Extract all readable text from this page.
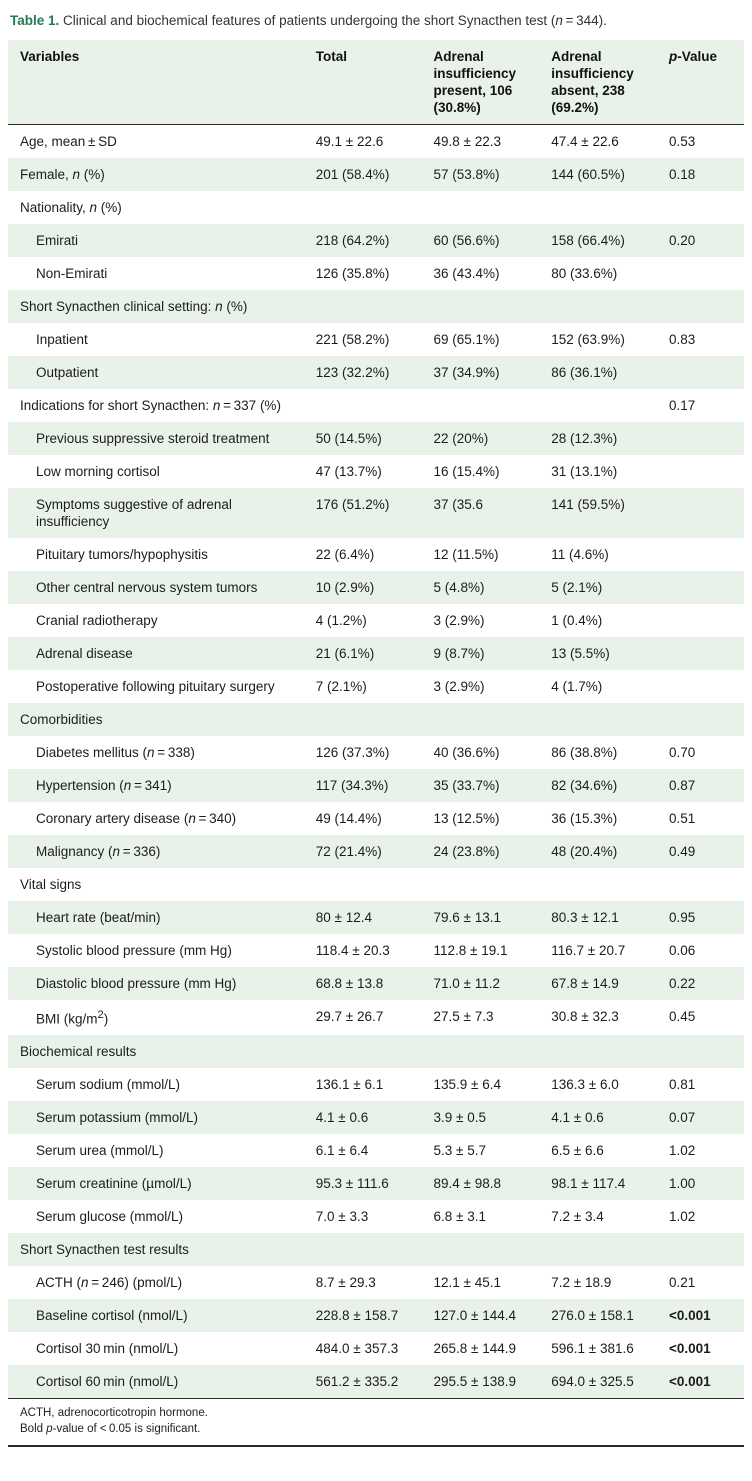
Table 1. Clinical and biochemical features of patients undergoing the short Synacthen test (n = 344).

Variables	Total	Adrenal insufficiency present, 106 (30.8%)	Adrenal insufficiency absent, 238 (69.2%)	p-Value
Age, mean ± SD	49.1 ± 22.6	49.8 ± 22.3	47.4 ± 22.6	0.53
Female, n (%)	201 (58.4%)	57 (53.8%)	144 (60.5%)	0.18
Nationality, n (%)				
Emirati	218 (64.2%)	60 (56.6%)	158 (66.4%)	0.20
Non-Emirati	126 (35.8%)	36 (43.4%)	80 (33.6%)	
Short Synacthen clinical setting: n (%)				
Inpatient	221 (58.2%)	69 (65.1%)	152 (63.9%)	0.83
Outpatient	123 (32.2%)	37 (34.9%)	86 (36.1%)	
Indications for short Synacthen: n = 337 (%)				0.17
Previous suppressive steroid treatment	50 (14.5%)	22 (20%)	28 (12.3%)	
Low morning cortisol	47 (13.7%)	16 (15.4%)	31 (13.1%)	
Symptoms suggestive of adrenal insufficiency	176 (51.2%)	37 (35.6	141 (59.5%)	
Pituitary tumors/hypophysitis	22 (6.4%)	12 (11.5%)	11 (4.6%)	
Other central nervous system tumors	10 (2.9%)	5 (4.8%)	5 (2.1%)	
Cranial radiotherapy	4 (1.2%)	3 (2.9%)	1 (0.4%)	
Adrenal disease	21 (6.1%)	9 (8.7%)	13 (5.5%)	
Postoperative following pituitary surgery	7 (2.1%)	3 (2.9%)	4 (1.7%)	
Comorbidities				
Diabetes mellitus (n = 338)	126 (37.3%)	40 (36.6%)	86 (38.8%)	0.70
Hypertension (n = 341)	117 (34.3%)	35 (33.7%)	82 (34.6%)	0.87
Coronary artery disease (n = 340)	49 (14.4%)	13 (12.5%)	36 (15.3%)	0.51
Malignancy (n = 336)	72 (21.4%)	24 (23.8%)	48 (20.4%)	0.49
Vital signs				
Heart rate (beat/min)	80 ± 12.4	79.6 ± 13.1	80.3 ± 12.1	0.95
Systolic blood pressure (mm Hg)	118.4 ± 20.3	112.8 ± 19.1	116.7 ± 20.7	0.06
Diastolic blood pressure (mm Hg)	68.8 ± 13.8	71.0 ± 11.2	67.8 ± 14.9	0.22
BMI $(kg/m^2)$	29.7 ± 26.7	27.5 ± 7.3	30.8 ± 32.3	0.45
Biochemical results				
Serum sodium (mmol/L)	136.1 ± 6.1	135.9 ± 6.4	136.3 ± 6.0	0.81
Serum potassium (mmol/L)	4.1 ± 0.6	3.9 ± 0.5	4.1 ± 0.6	0.07
Serum urea (mmol/L)	6.1 ± 6.4	5.3 ± 5.7	6.5 ± 6.6	1.02
Serum creatinine (µmol/L)	95.3 ± 111.6	89.4 ± 98.8	98.1 ± 117.4	1.00
Serum glucose (mmol/L)	7.0 ± 3.3	6.8 ± 3.1	7.2 ± 3.4	1.02
Short Synacthen test results				
ACTH (n = 246) (pmol/L)	8.7 ± 29.3	12.1 ± 45.1	7.2 ± 18.9	0.21
Baseline cortisol (nmol/L)	228.8 ± 158.7	127.0 ± 144.4	276.0 ± 158.1	<0.001
Cortisol 30 min (nmol/L)	484.0 ± 357.3	265.8 ± 144.9	596.1 ± 381.6	<0.001
Cortisol 60 min (nmol/L)	561.2 ± 335.2	295.5 ± 138.9	694.0 ± 325.5	<0.001
ACTH, adrenocorticotropin hormone.
Bold p-value of < 0.05 is significant.
